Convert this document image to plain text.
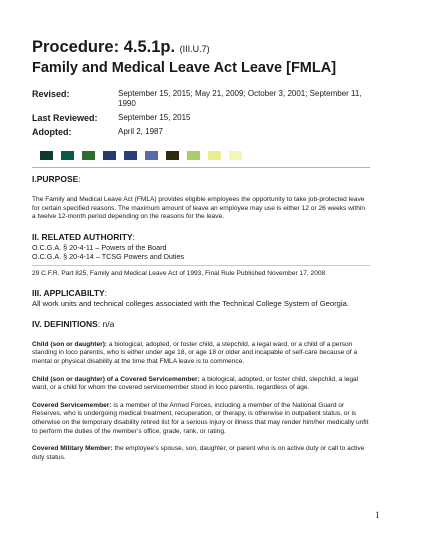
Procedure: 4.5.1p. (III.U.7)
Family and Medical Leave Act Leave [FMLA]
Revised:	September 15, 2015; May 21, 2009; October 3, 2001; September 11, 1990
Last Reviewed:	September 15, 2015
Adopted:	April 2, 1987
I.PURPOSE:

The Family and Medical Leave Act (FMLA) provides eligible employees the opportunity to take job-protected leave for certain specified reasons. The maximum amount of leave an employee may use is either 12 or 26 weeks within a twelve 12-month period depending on the reasons for the leave.

II. RELATED AUTHORITY:

O.C.G.A. § 20-4-11 – Powers of the Board

O.C.G.A. § 20-4-14 – TCSG Powers and Duties

29 C.F.R. Part 825, Family and Medical Leave Act of 1993, Final Rule Published November 17, 2008

III. APPLICABILTY:

All work units and technical colleges associated with the Technical College System of Georgia.

IV. DEFINITIONS: n/a

Child (son or daughter): a biological, adopted, or foster child, a stepchild, a legal ward, or a child of a person standing in loco parentis, who is either under age 18, or age 18 or older and incapable of self-care because of a mental or physical disability at the time that FMLA leave is to commence.

Child (son or daughter) of a Covered Servicemember: a biological, adopted, or foster child, stepchild, a legal ward, or a child for whom the covered servicemember stood in loco parentis, regardless of age.

Covered Servicemember: is a member of the Armed Forces, including a member of the National Guard or Reserves, who is undergoing medical treatment, recuperation, or therapy, is otherwise in outpatient status, or is otherwise on the temporary disability retired list for a serious injury or illness that may render him/her medically unfit to perform the duties of the member’s office, grade, rank, or rating.

Covered Military Member: the employee’s spouse, son, daughter, or parent who is on active duty or call to active duty status.

1
